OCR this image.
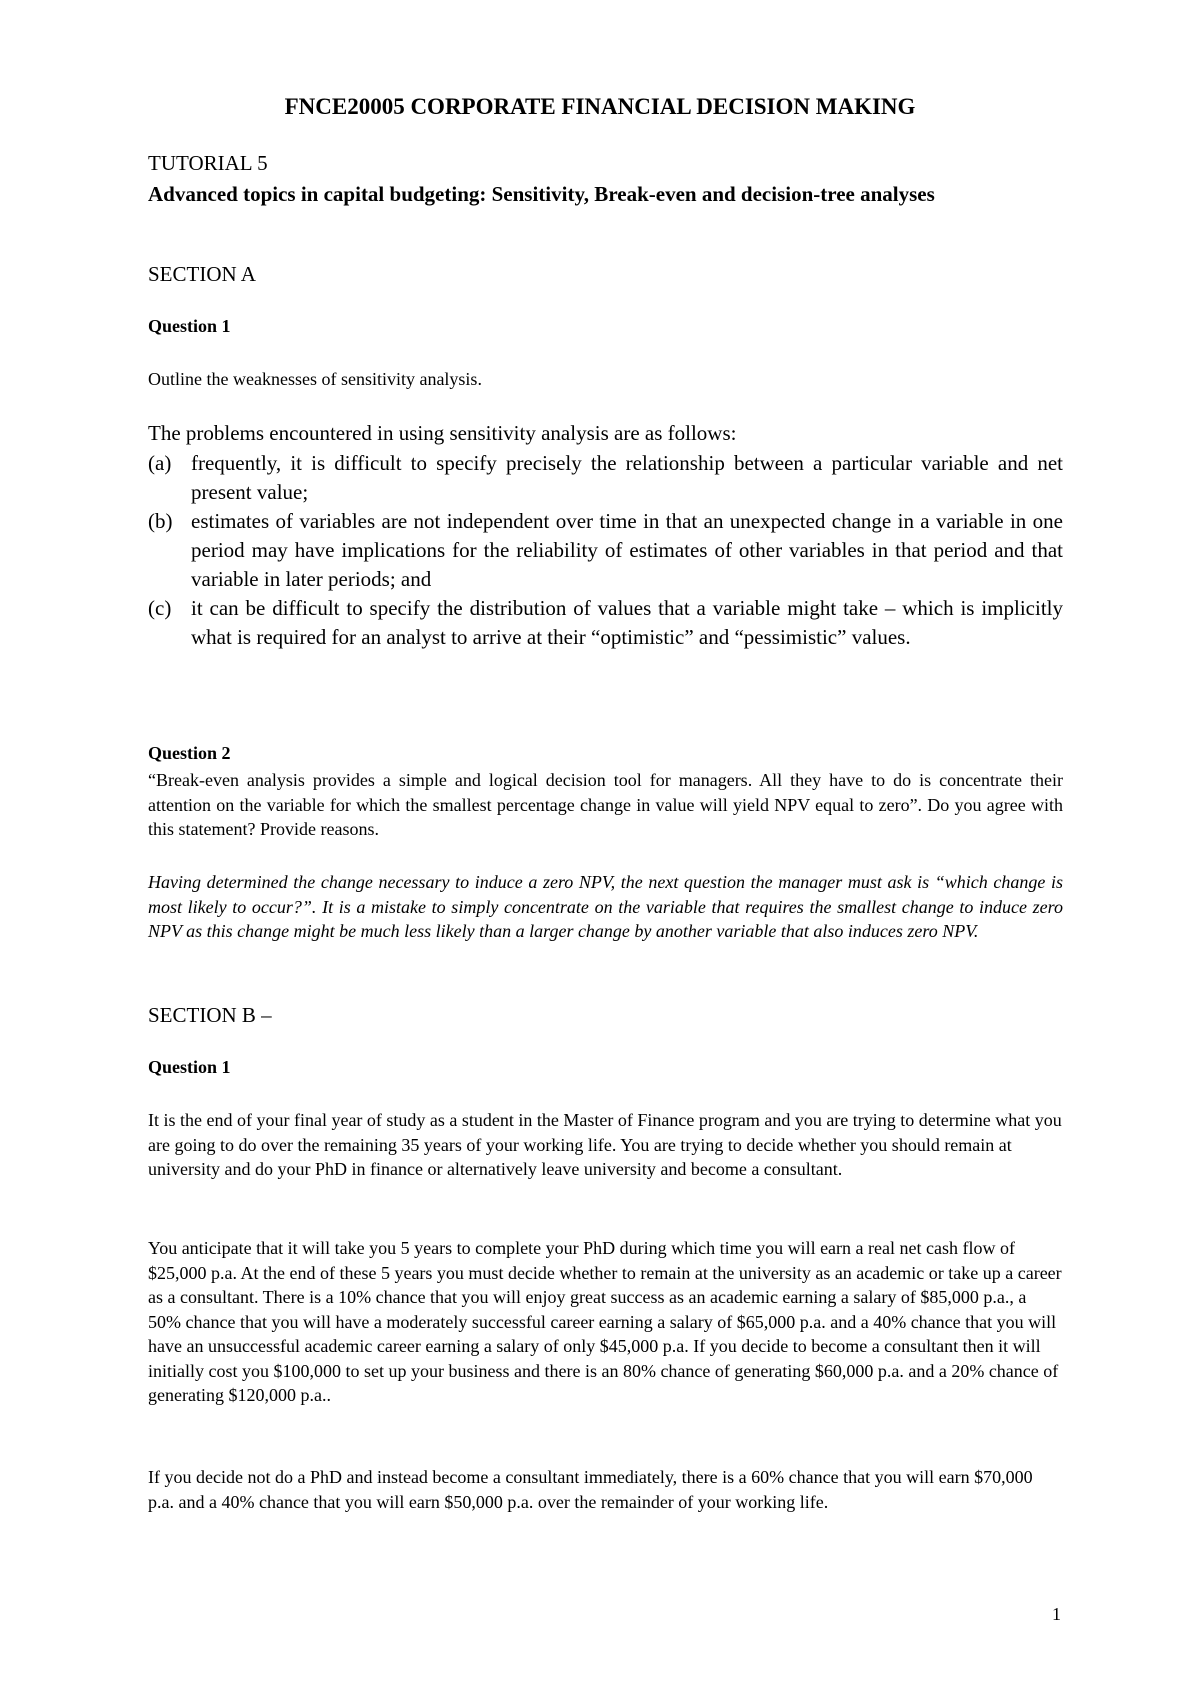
FNCE20005 CORPORATE FINANCIAL DECISION MAKING

TUTORIAL 5

Advanced topics in capital budgeting: Sensitivity, Break-even and decision-tree analyses

SECTION A

Question 1

Outline the weaknesses of sensitivity analysis.

The problems encountered in using sensitivity analysis are as follows:

(a) frequently, it is difficult to specify precisely the relationship between a particular variable and net present value;
(b) estimates of variables are not independent over time in that an unexpected change in a variable in one period may have implications for the reliability of estimates of other variables in that period and that variable in later periods; and
(c) it can be difficult to specify the distribution of values that a variable might take – which is implicitly what is required for an analyst to arrive at their “optimistic” and “pessimistic” values.

Question 2

“Break-even analysis provides a simple and logical decision tool for managers. All they have to do is concentrate their attention on the variable for which the smallest percentage change in value will yield NPV equal to zero”. Do you agree with this statement? Provide reasons.

Having determined the change necessary to induce a zero NPV, the next question the manager must ask is “which change is most likely to occur?”. It is a mistake to simply concentrate on the variable that requires the smallest change to induce zero NPV as this change might be much less likely than a larger change by another variable that also induces zero NPV.

SECTION B –

Question 1

It is the end of your final year of study as a student in the Master of Finance program and you are trying to determine what you are going to do over the remaining 35 years of your working life. You are trying to decide whether you should remain at university and do your PhD in finance or alternatively leave university and become a consultant.

You anticipate that it will take you 5 years to complete your PhD during which time you will earn a real net cash flow of $25,000 p.a. At the end of these 5 years you must decide whether to remain at the university as an academic or take up a career as a consultant. There is a 10% chance that you will enjoy great success as an academic earning a salary of $85,000 p.a., a 50% chance that you will have a moderately successful career earning a salary of $65,000 p.a. and a 40% chance that you will have an unsuccessful academic career earning a salary of only $45,000 p.a. If you decide to become a consultant then it will initially cost you $100,000 to set up your business and there is an 80% chance of generating $60,000 p.a. and a 20% chance of generating $120,000 p.a..

If you decide not do a PhD and instead become a consultant immediately, there is a 60% chance that you will earn $70,000 p.a. and a 40% chance that you will earn $50,000 p.a. over the remainder of your working life.

1
